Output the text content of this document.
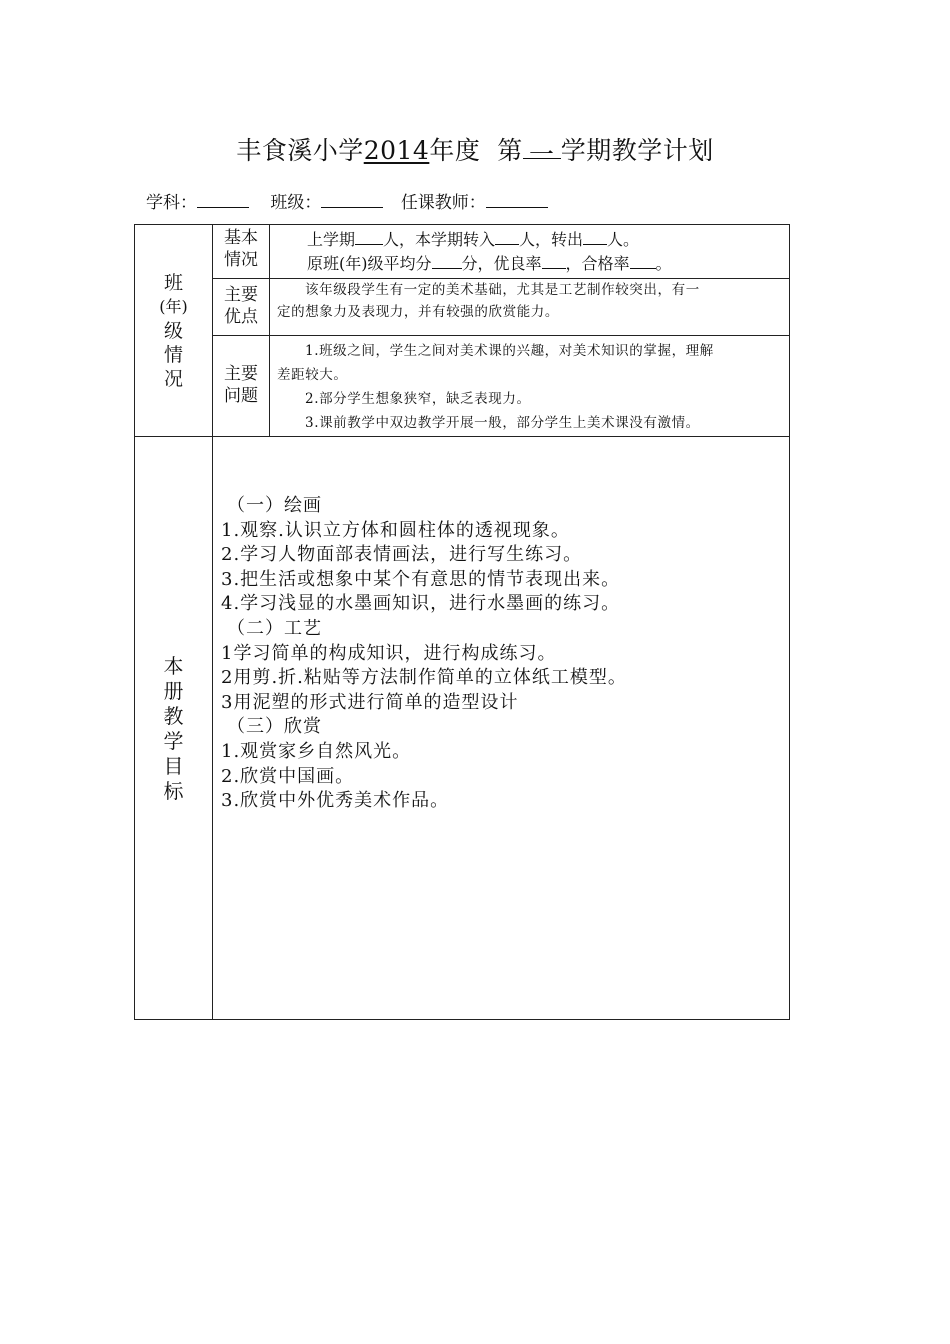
丰食溪小学2014年度 第 一 学期教学计划
学科：	班级：	任课教师：
班
(年)
级
情
况
基本
情况
上学期 人，本学期转入 人，转出 人。
原班(年)级平均分 分，优良率 ，合格率 。
主要
优点
该年级段学生有一定的美术基础，尤其是工艺制作较突出，有一
定的想象力及表现力，并有较强的欣赏能力。
主要
问题
1.班级之间，学生之间对美术课的兴趣，对美术知识的掌握，理解
差距较大。
2.部分学生想象狭窄，缺乏表现力。
3.课前教学中双边教学开展一般，部分学生上美术课没有激情。
本
册
教
学
目
标
（一）绘画
1.观察.认识立方体和圆柱体的透视现象。
2.学习人物面部表情画法，进行写生练习。
3.把生活或想象中某个有意思的情节表现出来。
4.学习浅显的水墨画知识，进行水墨画的练习。
（二）工艺
1学习简单的构成知识，进行构成练习。
2用剪.折.粘贴等方法制作简单的立体纸工模型。
3用泥塑的形式进行简单的造型设计
（三）欣赏
1.观赏家乡自然风光。
2.欣赏中国画。
3.欣赏中外优秀美术作品。
